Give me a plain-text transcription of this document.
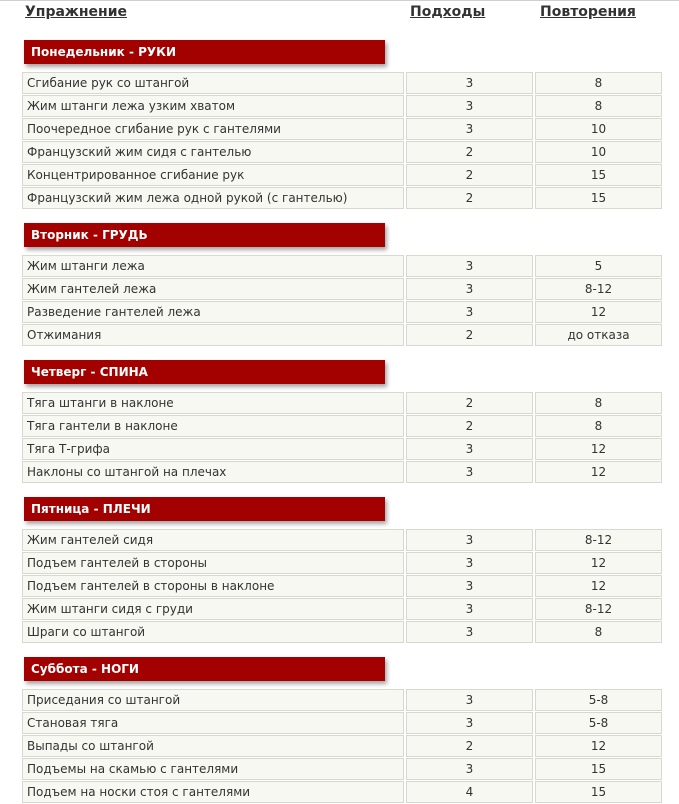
Упражнение	Подходы	Повторения
Понедельник - РУКИ
Сгибание рук со штангой	3	8
Жим штанги лежа узким хватом	3	8
Поочередное сгибание рук с гантелями	3	10
Французский жим сидя с гантелью	2	10
Концентрированное сгибание рук	2	15
Французский жим лежа одной рукой (с гантелью)	2	15
Вторник - ГРУДЬ
Жим штанги лежа	3	5
Жим гантелей лежа	3	8-12
Разведение гантелей лежа	3	12
Отжимания	2	до отказа
Четверг - СПИНА
Тяга штанги в наклоне	2	8
Тяга гантели в наклоне	2	8
Тяга Т-грифа	3	12
Наклоны со штангой на плечах	3	12
Пятница - ПЛЕЧИ
Жим гантелей сидя	3	8-12
Подъем гантелей в стороны	3	12
Подъем гантелей в стороны в наклоне	3	12
Жим штанги сидя с груди	3	8-12
Шраги со штангой	3	8
Суббота - НОГИ
Приседания со штангой	3	5-8
Становая тяга	3	5-8
Выпады со штангой	2	12
Подъемы на скамью с гантелями	3	15
Подъем на носки стоя с гантелями	4	15
